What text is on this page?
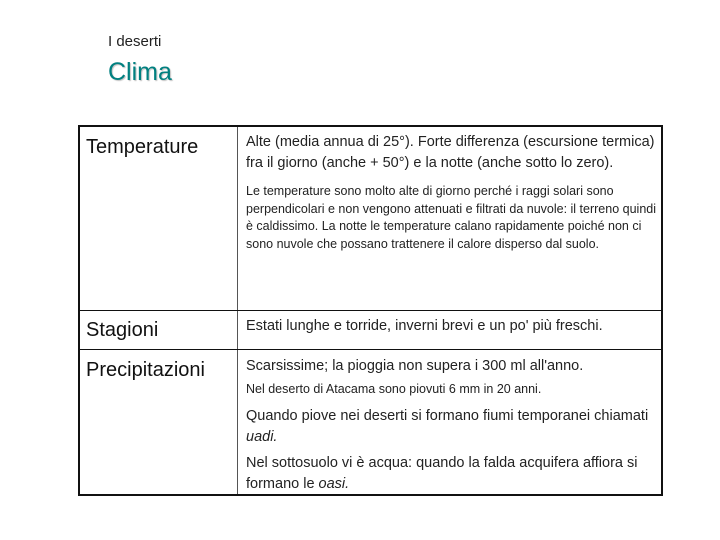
I deserti
Clima
Temperature	Alte (media annua di 25°). Forte differenza (escursione termica) fra il giorno (anche + 50°) e la notte (anche sotto lo zero).

Le temperature sono molto alte di giorno perché i raggi solari sono perpendicolari e non vengono attenuati e filtrati da nuvole: il terreno quindi è caldissimo. La notte le temperature calano rapidamente poiché non ci sono nuvole che possano trattenere il calore disperso dal suolo.

Stagioni	Estati lunghe e torride, inverni brevi e un po' più freschi.

Precipitazioni	Scarsissime; la pioggia non supera i 300 ml all'anno.

Nel deserto di Atacama sono piovuti 6 mm in 20 anni.

Quando piove nei deserti si formano fiumi temporanei chiamati uadi.

Nel sottosuolo vi è acqua: quando la falda acquifera affiora si formano le oasi.
